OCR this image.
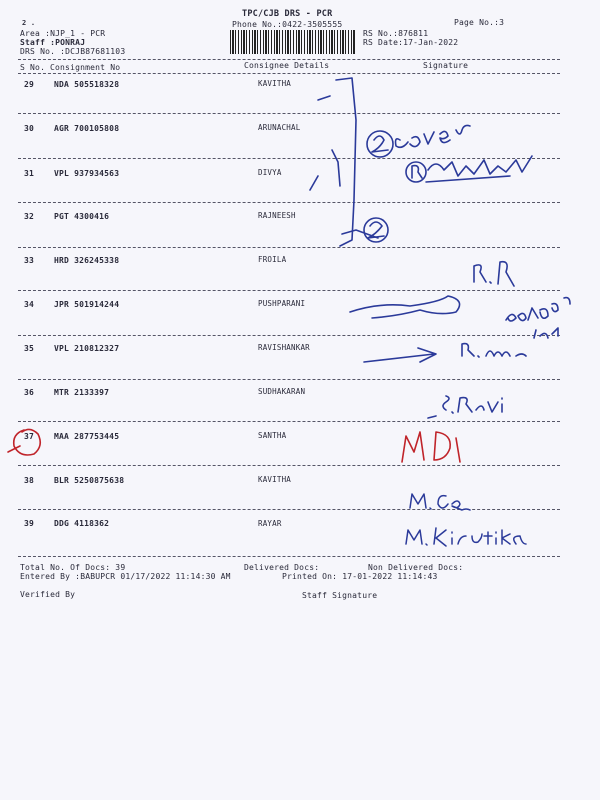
2 .
TPC/CJB DRS - PCR
Phone No.:0422-3505555
Area :NJP_1 - PCR
Staff :PONRAJ
DRS No. :DCJB87681103
RS No.:876811
RS Date:17-Jan-2022
Page No.:3
S No. Consignment No	Consignee Details	Signature
29 NDA 505518328	KAVITHA
30 AGR 700105808	ARUNACHAL
31 VPL 937934563	DIVYA
32 PGT 4300416	RAJNEESH
33 HRD 326245338	FROILA
34 JPR 501914244	PUSHPARANI
35 VPL 210812327	RAVISHANKAR
36 MTR 2133397	SUDHAKARAN
37 MAA 287753445	SANTHA
38 BLR 5250875638	KAVITHA
39 DDG 4118362	RAYAR
Total No. Of Docs: 39	Delivered Docs:	Non Delivered Docs:
Entered By :BABUPCR 01/17/2022 11:14:30 AM	Printed On: 17-01-2022 11:14:43
Verified By	Staff Signature
